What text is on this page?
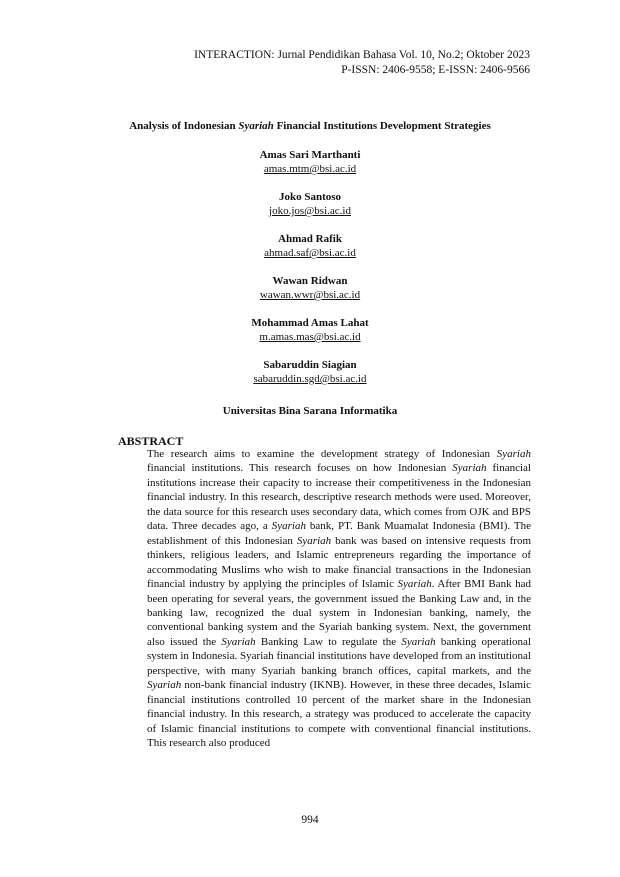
INTERACTION: Jurnal Pendidikan Bahasa Vol. 10, No.2; Oktober 2023
P-ISSN: 2406-9558; E-ISSN: 2406-9566
Analysis of Indonesian Syariah Financial Institutions Development Strategies
Amas Sari Marthanti
amas.mtm@bsi.ac.id
Joko Santoso
joko.jos@bsi.ac.id
Ahmad Rafik
ahmad.saf@bsi.ac.id
Wawan Ridwan
wawan.wwr@bsi.ac.id
Mohammad Amas Lahat
m.amas.mas@bsi.ac.id
Sabaruddin Siagian
sabaruddin.sgd@bsi.ac.id
Universitas Bina Sarana Informatika
ABSTRACT
The research aims to examine the development strategy of Indonesian Syariah financial institutions. This research focuses on how Indonesian Syariah financial institutions increase their capacity to increase their competitiveness in the Indonesian financial industry. In this research, descriptive research methods were used. Moreover, the data source for this research uses secondary data, which comes from OJK and BPS data. Three decades ago, a Syariah bank, PT. Bank Muamalat Indonesia (BMI). The establishment of this Indonesian Syariah bank was based on intensive requests from thinkers, religious leaders, and Islamic entrepreneurs regarding the importance of accommodating Muslims who wish to make financial transactions in the Indonesian financial industry by applying the principles of Islamic Syariah. After BMI Bank had been operating for several years, the government issued the Banking Law and, in the banking law, recognized the dual system in Indonesian banking, namely, the conventional banking system and the Syariah banking system. Next, the government also issued the Syariah Banking Law to regulate the Syariah banking operational system in Indonesia. Syariah financial institutions have developed from an institutional perspective, with many Syariah banking branch offices, capital markets, and the Syariah non-bank financial industry (IKNB). However, in these three decades, Islamic financial institutions controlled 10 percent of the market share in the Indonesian financial industry. In this research, a strategy was produced to accelerate the capacity of Islamic financial institutions to compete with conventional financial institutions. This research also produced
994
